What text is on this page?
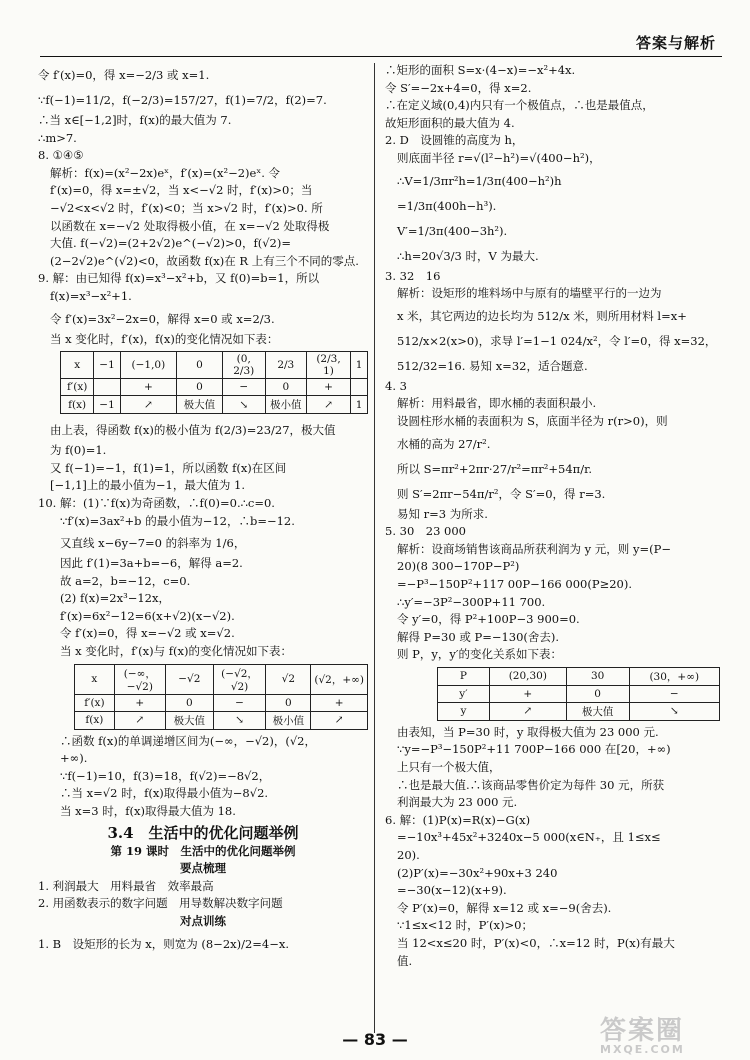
答案与解析
令 f′(x)=0，得 x=−2/3 或 x=1.
∵f(−1)=11/2，f(−2/3)=157/27，f(1)=7/2，f(2)=7.
∴当 x∈[−1,2]时，f(x)的最大值为 7.
∴m>7.
8. ①④⑤
解析：f(x)=(x²−2x)eˣ，f′(x)=(x²−2)eˣ. 令
f′(x)=0，得 x=±√2，当 x<−√2 时，f′(x)>0；当
−√2<x<√2 时，f′(x)<0；当 x>√2 时，f′(x)>0. 所
以函数在 x=−√2 处取得极小值，在 x=−√2 处取得极
大值. f(−√2)=(2+2√2)e^(−√2)>0，f(√2)=
(2−2√2)e^(√2)<0，故函数 f(x)在 R 上有三个不同的零点.
9. 解：由已知得 f(x)=x³−x²+b，又 f(0)=b=1，所以
f(x)=x³−x²+1.
令 f′(x)=3x²−2x=0，解得 x=0 或 x=2/3.
当 x 变化时，f′(x)，f(x)的变化情况如下表：
x	−1	(−1,0)	0	(0, 2/3)	2/3	(2/3, 1)	1
f′(x)		+	0	−	0	+	
f(x)	−1	↗	极大值	↘	极小值	↗	1
由上表，得函数 f(x)的极小值为 f(2/3)=23/27，极大值
为 f(0)=1.
又 f(−1)=−1，f(1)=1，所以函数 f(x)在区间
[−1,1]上的最小值为−1，最大值为 1.
10. 解：(1)∵f(x)为奇函数，∴f(0)=0.∴c=0.
∵f′(x)=3ax²+b 的最小值为−12，∴b=−12.
又直线 x−6y−7=0 的斜率为 1/6，
因此 f′(1)=3a+b=−6，解得 a=2.
故 a=2，b=−12，c=0.
(2) f(x)=2x³−12x，
f′(x)=6x²−12=6(x+√2)(x−√2).
令 f′(x)=0，得 x=−√2 或 x=√2.
当 x 变化时，f′(x)与 f(x)的变化情况如下表：
x	(−∞，−√2)	−√2	(−√2，√2)	√2	(√2，+∞)
f′(x)	+	0	−	0	+
f(x)	↗	极大值	↘	极小值	↗
∴函数 f(x)的单调递增区间为(−∞，−√2)，(√2，
+∞).
∵f(−1)=10，f(3)=18，f(√2)=−8√2，
∴当 x=√2 时，f(x)取得最小值为−8√2.
当 x=3 时，f(x)取得最大值为 18.
3.4　生活中的优化问题举例
第 19 课时　生活中的优化问题举例
要点梳理
1. 利润最大　用料最省　效率最高
2. 用函数表示的数字问题　用导数解决数字问题
对点训练
1. B　设矩形的长为 x，则宽为 (8−2x)/2=4−x.
∴矩形的面积 S=x·(4−x)=−x²+4x.
令 S′=−2x+4=0，得 x=2.
∴在定义域(0,4)内只有一个极值点，∴也是最值点，
故矩形面积的最大值为 4.
2. D　设圆锥的高度为 h，
则底面半径 r=√(l²−h²)=√(400−h²)，
∴V=1/3πr²h=1/3π(400−h²)h
=1/3π(400h−h³).
V′=1/3π(400−3h²).
∴h=20√3/3 时，V 为最大.
3. 32　16
解析：设矩形的堆料场中与原有的墙壁平行的一边为
x 米，其它两边的边长均为 512/x 米，则所用材料 l=x+
512/x×2(x>0)，求导 l′=1−1 024/x²，令 l′=0，得 x=32，
512/32=16. 易知 x=32，适合题意.
4. 3
解析：用料最省，即水桶的表面积最小.
设圆柱形水桶的表面积为 S，底面半径为 r(r>0)，则
水桶的高为 27/r².
所以 S=πr²+2πr·27/r²=πr²+54π/r.
则 S′=2πr−54π/r²，令 S′=0，得 r=3.
易知 r=3 为所求.
5. 30　23 000
解析：设商场销售该商品所获利润为 y 元，则 y=(P−
20)(8 300−170P−P²)
=−P³−150P²+117 00P−166 000(P≥20).
∴y′=−3P²−300P+11 700.
令 y′=0，得 P²+100P−3 900=0.
解得 P=30 或 P=−130(舍去).
则 P，y，y′的变化关系如下表：
P	(20,30)	30	(30，+∞)
y′	+	0	−
y	↗	极大值	↘
由表知，当 P=30 时，y 取得极大值为 23 000 元.
∵y=−P³−150P²+11 700P−166 000 在[20，+∞)
上只有一个极大值，
∴也是最大值.∴该商品零售价定为每件 30 元，所获
利润最大为 23 000 元.
6. 解：(1)P(x)=R(x)−G(x)
=−10x³+45x²+3240x−5 000(x∈N₊，且 1≤x≤
20).
(2)P′(x)=−30x²+90x+3 240
=−30(x−12)(x+9).
令 P′(x)=0，解得 x=12 或 x=−9(舍去).
∵1≤x<12 时，P′(x)>0；
当 12<x≤20 时，P′(x)<0，∴x=12 时，P(x)有最大
值.
— 83 —	答案圈
MXQE.COM
